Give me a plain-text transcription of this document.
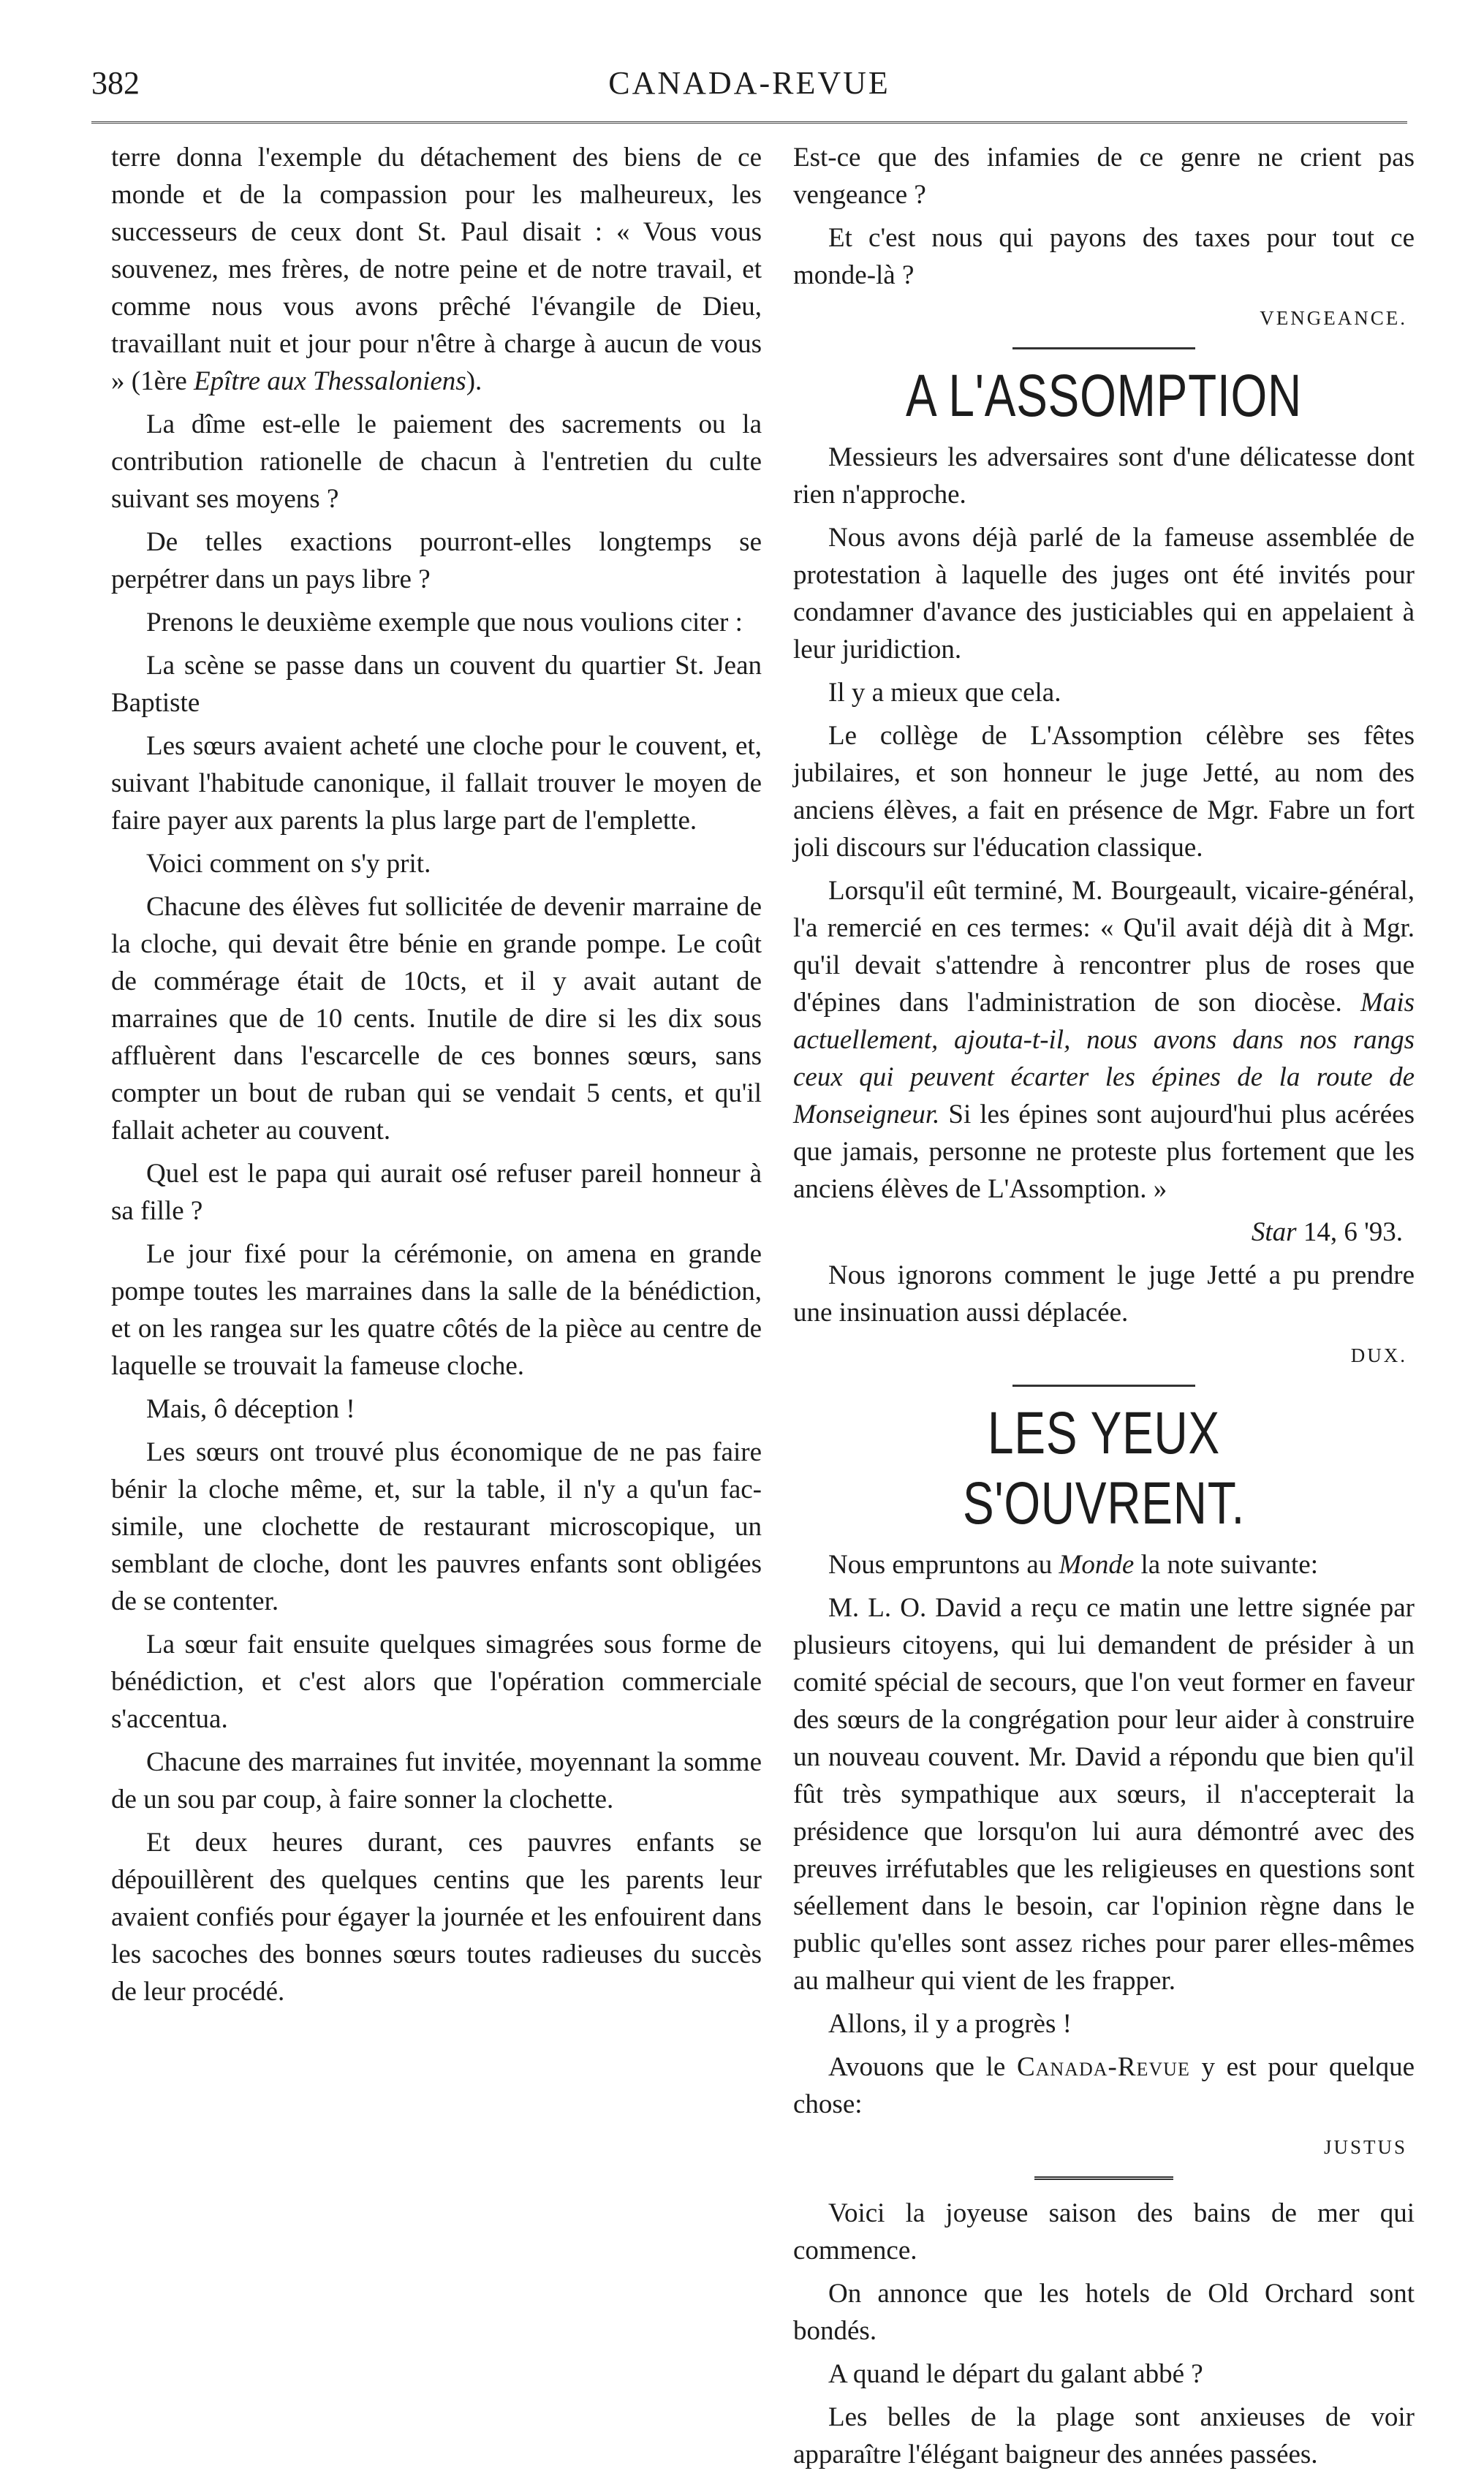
382	CANADA-REVUE

terre donna l'exemple du détachement des biens de ce monde et de la compassion pour les malheureux, les successeurs de ceux dont St. Paul disait : « Vous vous souvenez, mes frères, de notre peine et de notre travail, et comme nous vous avons prêché l'évangile de Dieu, travaillant nuit et jour pour n'être à charge à aucun de vous » (1ère Epître aux Thessaloniens).

La dîme est-elle le paiement des sacrements ou la contribution rationelle de chacun à l'entretien du culte suivant ses moyens ?

De telles exactions pourront-elles longtemps se perpétrer dans un pays libre ?

Prenons le deuxième exemple que nous voulions citer :

La scène se passe dans un couvent du quartier St. Jean Baptiste

Les sœurs avaient acheté une cloche pour le couvent, et, suivant l'habitude canonique, il fallait trouver le moyen de faire payer aux parents la plus large part de l'emplette.

Voici comment on s'y prit.

Chacune des élèves fut sollicitée de devenir marraine de la cloche, qui devait être bénie en grande pompe. Le coût de commérage était de 10cts, et il y avait autant de marraines que de 10 cents. Inutile de dire si les dix sous affluèrent dans l'escarcelle de ces bonnes sœurs, sans compter un bout de ruban qui se vendait 5 cents, et qu'il fallait acheter au couvent.

Quel est le papa qui aurait osé refuser pareil honneur à sa fille ?

Le jour fixé pour la cérémonie, on amena en grande pompe toutes les marraines dans la salle de la bénédiction, et on les rangea sur les quatre côtés de la pièce au centre de laquelle se trouvait la fameuse cloche.

Mais, ô déception !

Les sœurs ont trouvé plus économique de ne pas faire bénir la cloche même, et, sur la table, il n'y a qu'un fac-simile, une clochette de restaurant microscopique, un semblant de cloche, dont les pauvres enfants sont obligées de se contenter.

La sœur fait ensuite quelques simagrées sous forme de bénédiction, et c'est alors que l'opération commerciale s'accentua.

Chacune des marraines fut invitée, moyennant la somme de un sou par coup, à faire sonner la clochette.

Et deux heures durant, ces pauvres enfants se dépouillèrent des quelques centins que les parents leur avaient confiés pour égayer la journée et les enfouirent dans les sacoches des bonnes sœurs toutes radieuses du succès de leur procédé.

Est-ce que des infamies de ce genre ne crient pas vengeance ?

Et c'est nous qui payons des taxes pour tout ce monde-là ?

VENGEANCE.

A L'ASSOMPTION

Messieurs les adversaires sont d'une délicatesse dont rien n'approche.

Nous avons déjà parlé de la fameuse assemblée de protestation à laquelle des juges ont été invités pour condamner d'avance des justiciables qui en appelaient à leur juridiction.

Il y a mieux que cela.

Le collège de L'Assomption célèbre ses fêtes jubilaires, et son honneur le juge Jetté, au nom des anciens élèves, a fait en présence de Mgr. Fabre un fort joli discours sur l'éducation classique.

Lorsqu'il eût terminé, M. Bourgeault, vicaire-général, l'a remercié en ces termes: « Qu'il avait déjà dit à Mgr. qu'il devait s'attendre à rencontrer plus de roses que d'épines dans l'administration de son diocèse. Mais actuellement, ajouta-t-il, nous avons dans nos rangs ceux qui peuvent écarter les épines de la route de Monseigneur. Si les épines sont aujourd'hui plus acérées que jamais, personne ne proteste plus fortement que les anciens élèves de L'Assomption. »

Star 14, 6 '93.

Nous ignorons comment le juge Jetté a pu prendre une insinuation aussi déplacée.

DUX.

LES YEUX S'OUVRENT.

Nous empruntons au Monde la note suivante:

M. L. O. David a reçu ce matin une lettre signée par plusieurs citoyens, qui lui demandent de présider à un comité spécial de secours, que l'on veut former en faveur des sœurs de la congrégation pour leur aider à construire un nouveau couvent. Mr. David a répondu que bien qu'il fût très sympathique aux sœurs, il n'accepterait la présidence que lorsqu'on lui aura démontré avec des preuves irréfutables que les religieuses en questions sont séellement dans le besoin, car l'opinion règne dans le public qu'elles sont assez riches pour parer elles-mêmes au malheur qui vient de les frapper.

Allons, il y a progrès !

Avouons que le Canada-Revue y est pour quelque chose:

JUSTUS

Voici la joyeuse saison des bains de mer qui commence.

On annonce que les hotels de Old Orchard sont bondés.

A quand le départ du galant abbé ?

Les belles de la plage sont anxieuses de voir apparaître l'élégant baigneur des années passées.
